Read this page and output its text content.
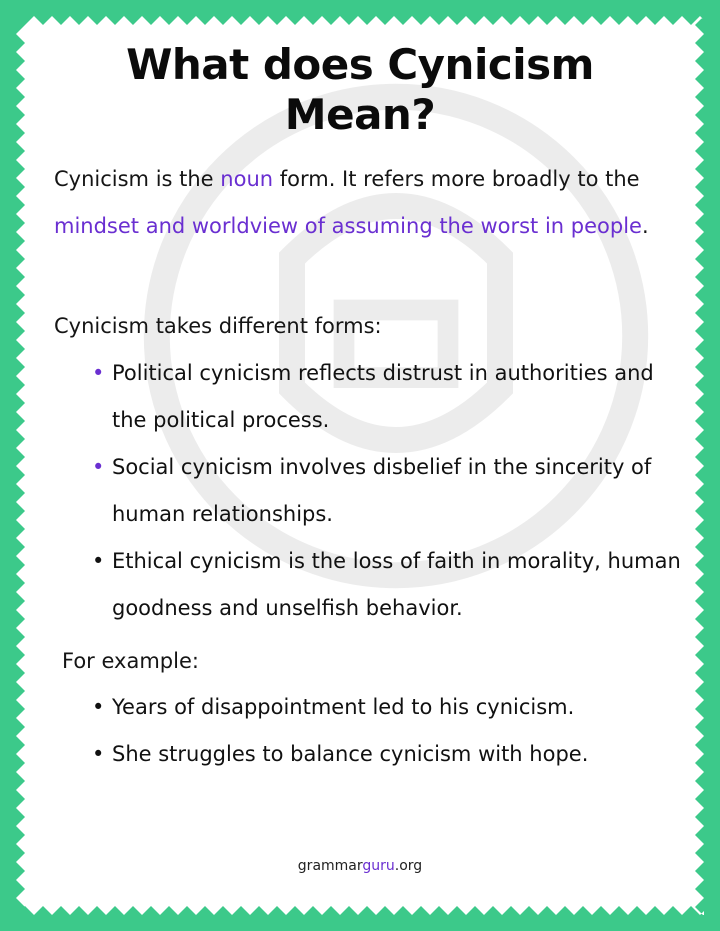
What does Cynicism
Mean?
Cynicism is the noun form. It refers more broadly to the mindset and worldview of assuming the worst in people.
Cynicism takes different forms:
• Political cynicism reflects distrust in authorities and the political process.
• Social cynicism involves disbelief in the sincerity of human relationships.
• Ethical cynicism is the loss of faith in morality, human goodness and unselfish behavior.
For example:
• Years of disappointment led to his cynicism.
• She struggles to balance cynicism with hope.
grammarguru.org
